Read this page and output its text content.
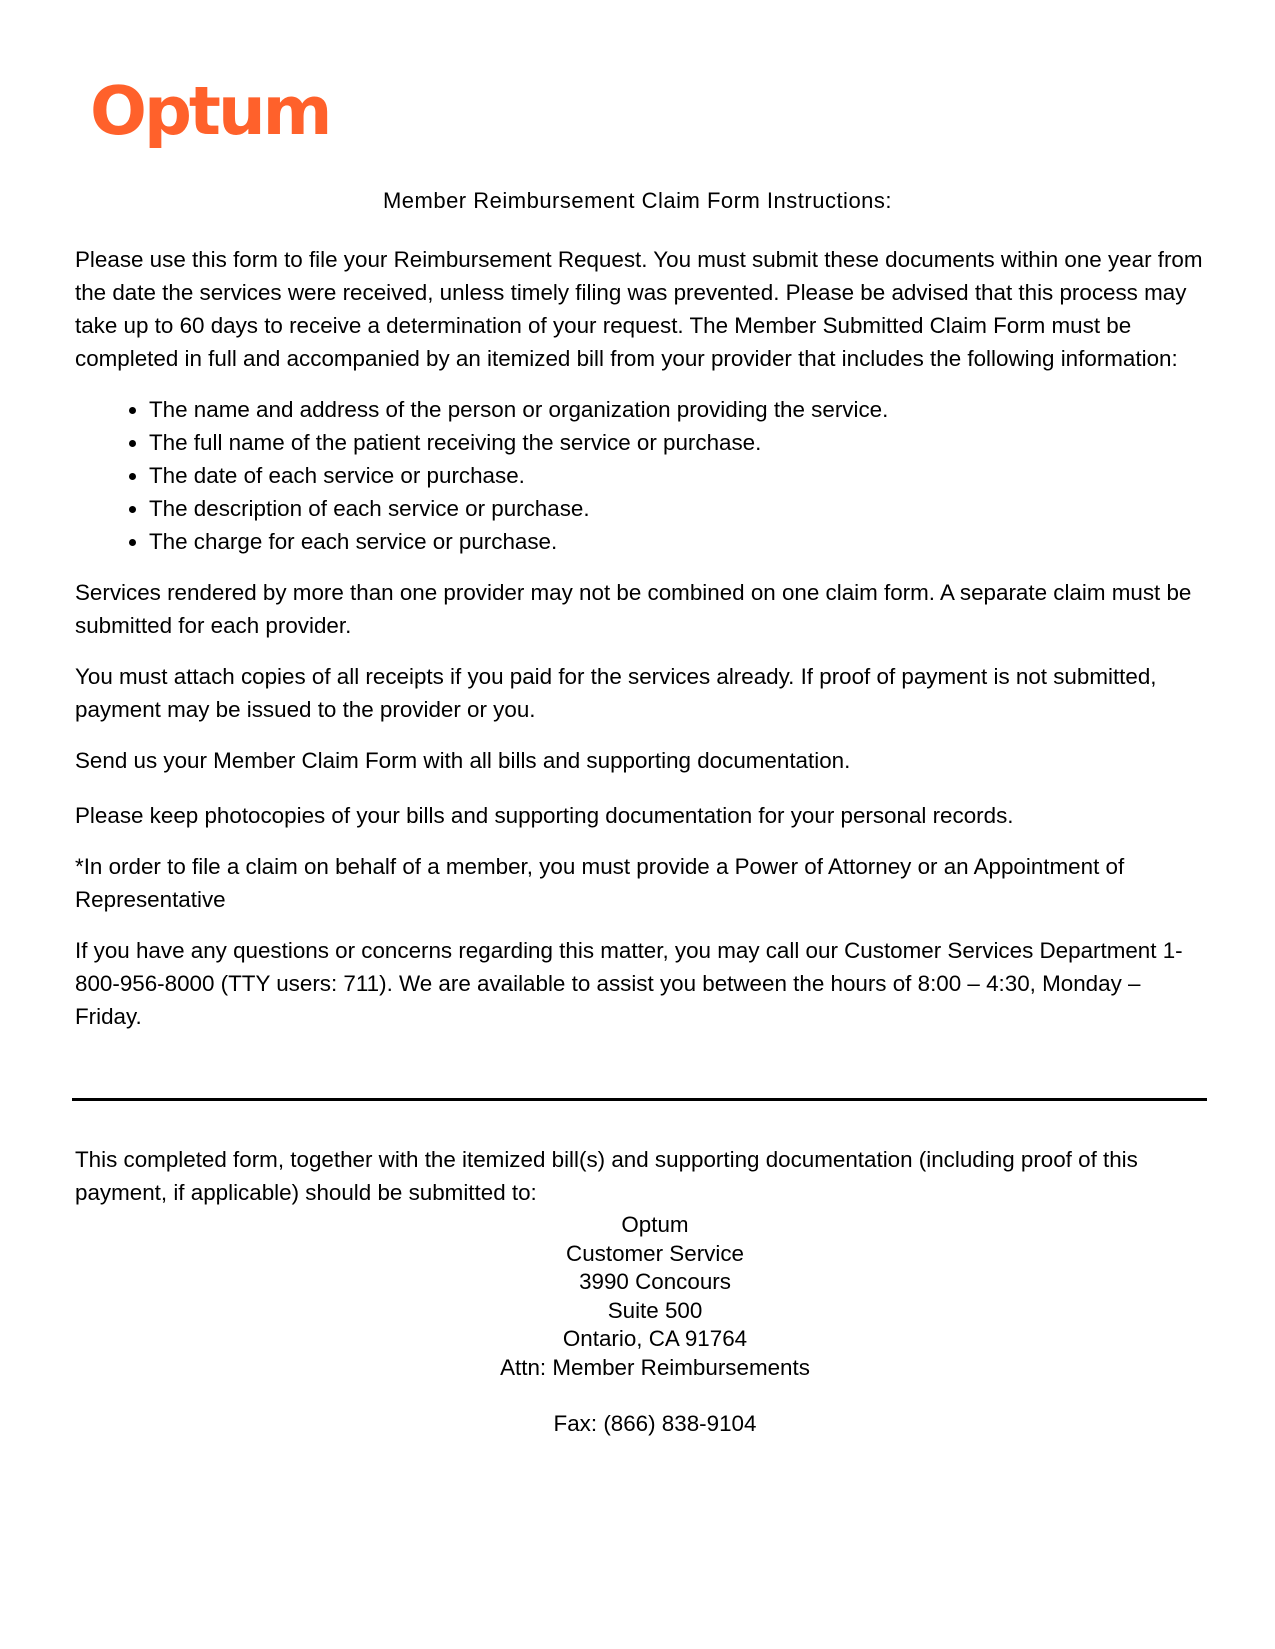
Optum
Member Reimbursement Claim Form Instructions:

Please use this form to file your Reimbursement Request. You must submit these documents within one year from the date the services were received, unless timely filing was prevented. Please be advised that this process may take up to 60 days to receive a determination of your request. The Member Submitted Claim Form must be completed in full and accompanied by an itemized bill from your provider that includes the following information:

• The name and address of the person or organization providing the service.
• The full name of the patient receiving the service or purchase.
• The date of each service or purchase.
• The description of each service or purchase.
• The charge for each service or purchase.

Services rendered by more than one provider may not be combined on one claim form. A separate claim must be submitted for each provider.

You must attach copies of all receipts if you paid for the services already. If proof of payment is not submitted, payment may be issued to the provider or you.

Send us your Member Claim Form with all bills and supporting documentation.

Please keep photocopies of your bills and supporting documentation for your personal records.

*In order to file a claim on behalf of a member, you must provide a Power of Attorney or an Appointment of Representative

If you have any questions or concerns regarding this matter, you may call our Customer Services Department 1-800-956-8000 (TTY users: 711). We are available to assist you between the hours of 8:00 – 4:30, Monday – Friday.

This completed form, together with the itemized bill(s) and supporting documentation (including proof of this payment, if applicable) should be submitted to:

Optum
Customer Service
3990 Concours
Suite 500
Ontario, CA 91764
Attn: Member Reimbursements
Fax: (866) 838-9104
